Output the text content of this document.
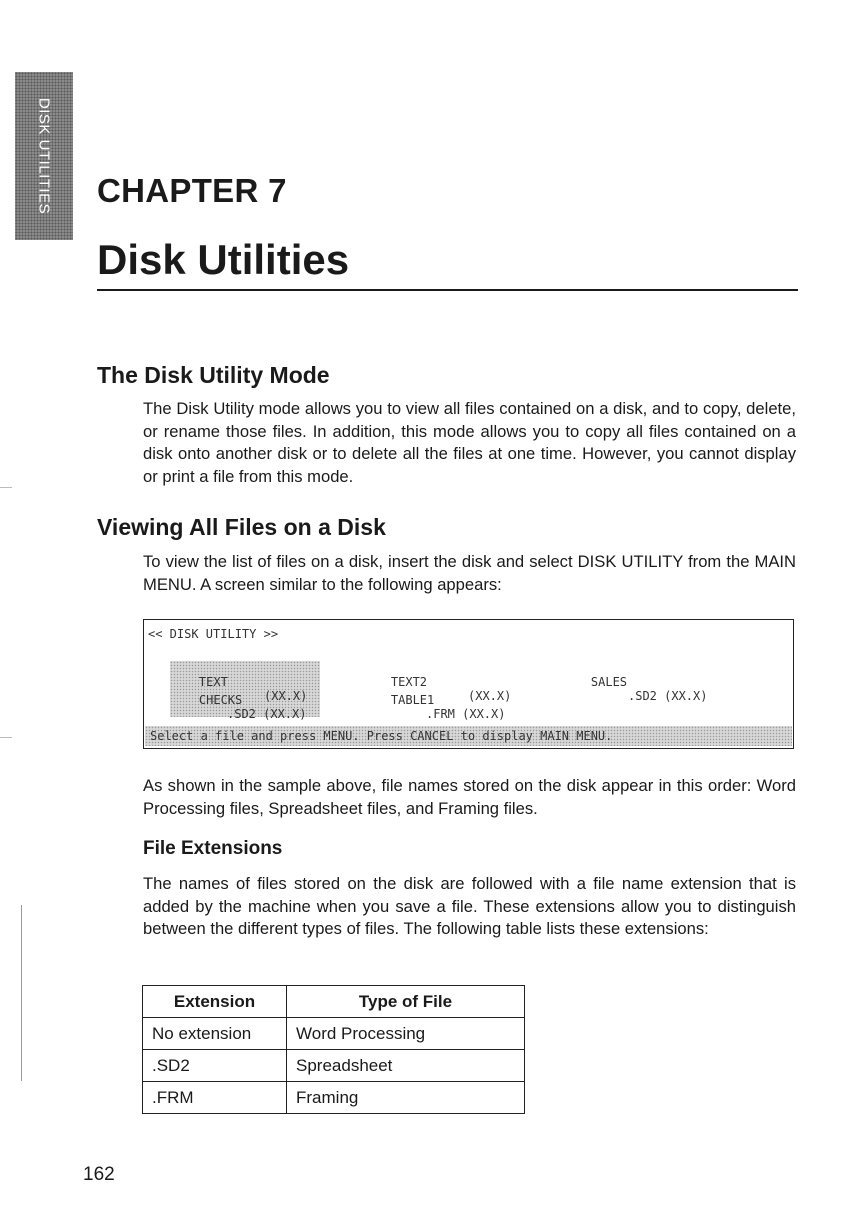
DISK UTILITIES CHAPTER 7
Disk Utilities
The Disk Utility Mode

The Disk Utility mode allows you to view all files contained on a disk, and to copy, delete, or rename those files. In addition, this mode allows you to copy all files contained on a disk onto another disk or to delete all the files at one time. However, you cannot display or print a file from this mode.

Viewing All Files on a Disk

To view the list of files on a disk, insert the disk and select DISK UTILITY from the MAIN MENU. A screen similar to the following appears:

<< DISK UTILITY >>

TEXT

(XX.X)

TEXT2

(XX.X)

SALES

.SD2 (XX.X)

CHECKS

.SD2 (XX.X)

TABLE1

.FRM (XX.X)

Select a file and press MENU. Press CANCEL to display MAIN MENU.

As shown in the sample above, file names stored on the disk appear in this order: Word Processing files, Spreadsheet files, and Framing files.

File Extensions

The names of files stored on the disk are followed with a file name extension that is added by the machine when you save a file. These extensions allow you to distinguish between the different types of files. The following table lists these extensions:

Extension	Type of File
No extension	Word Processing
.SD2	Spreadsheet
.FRM	Framing

162
